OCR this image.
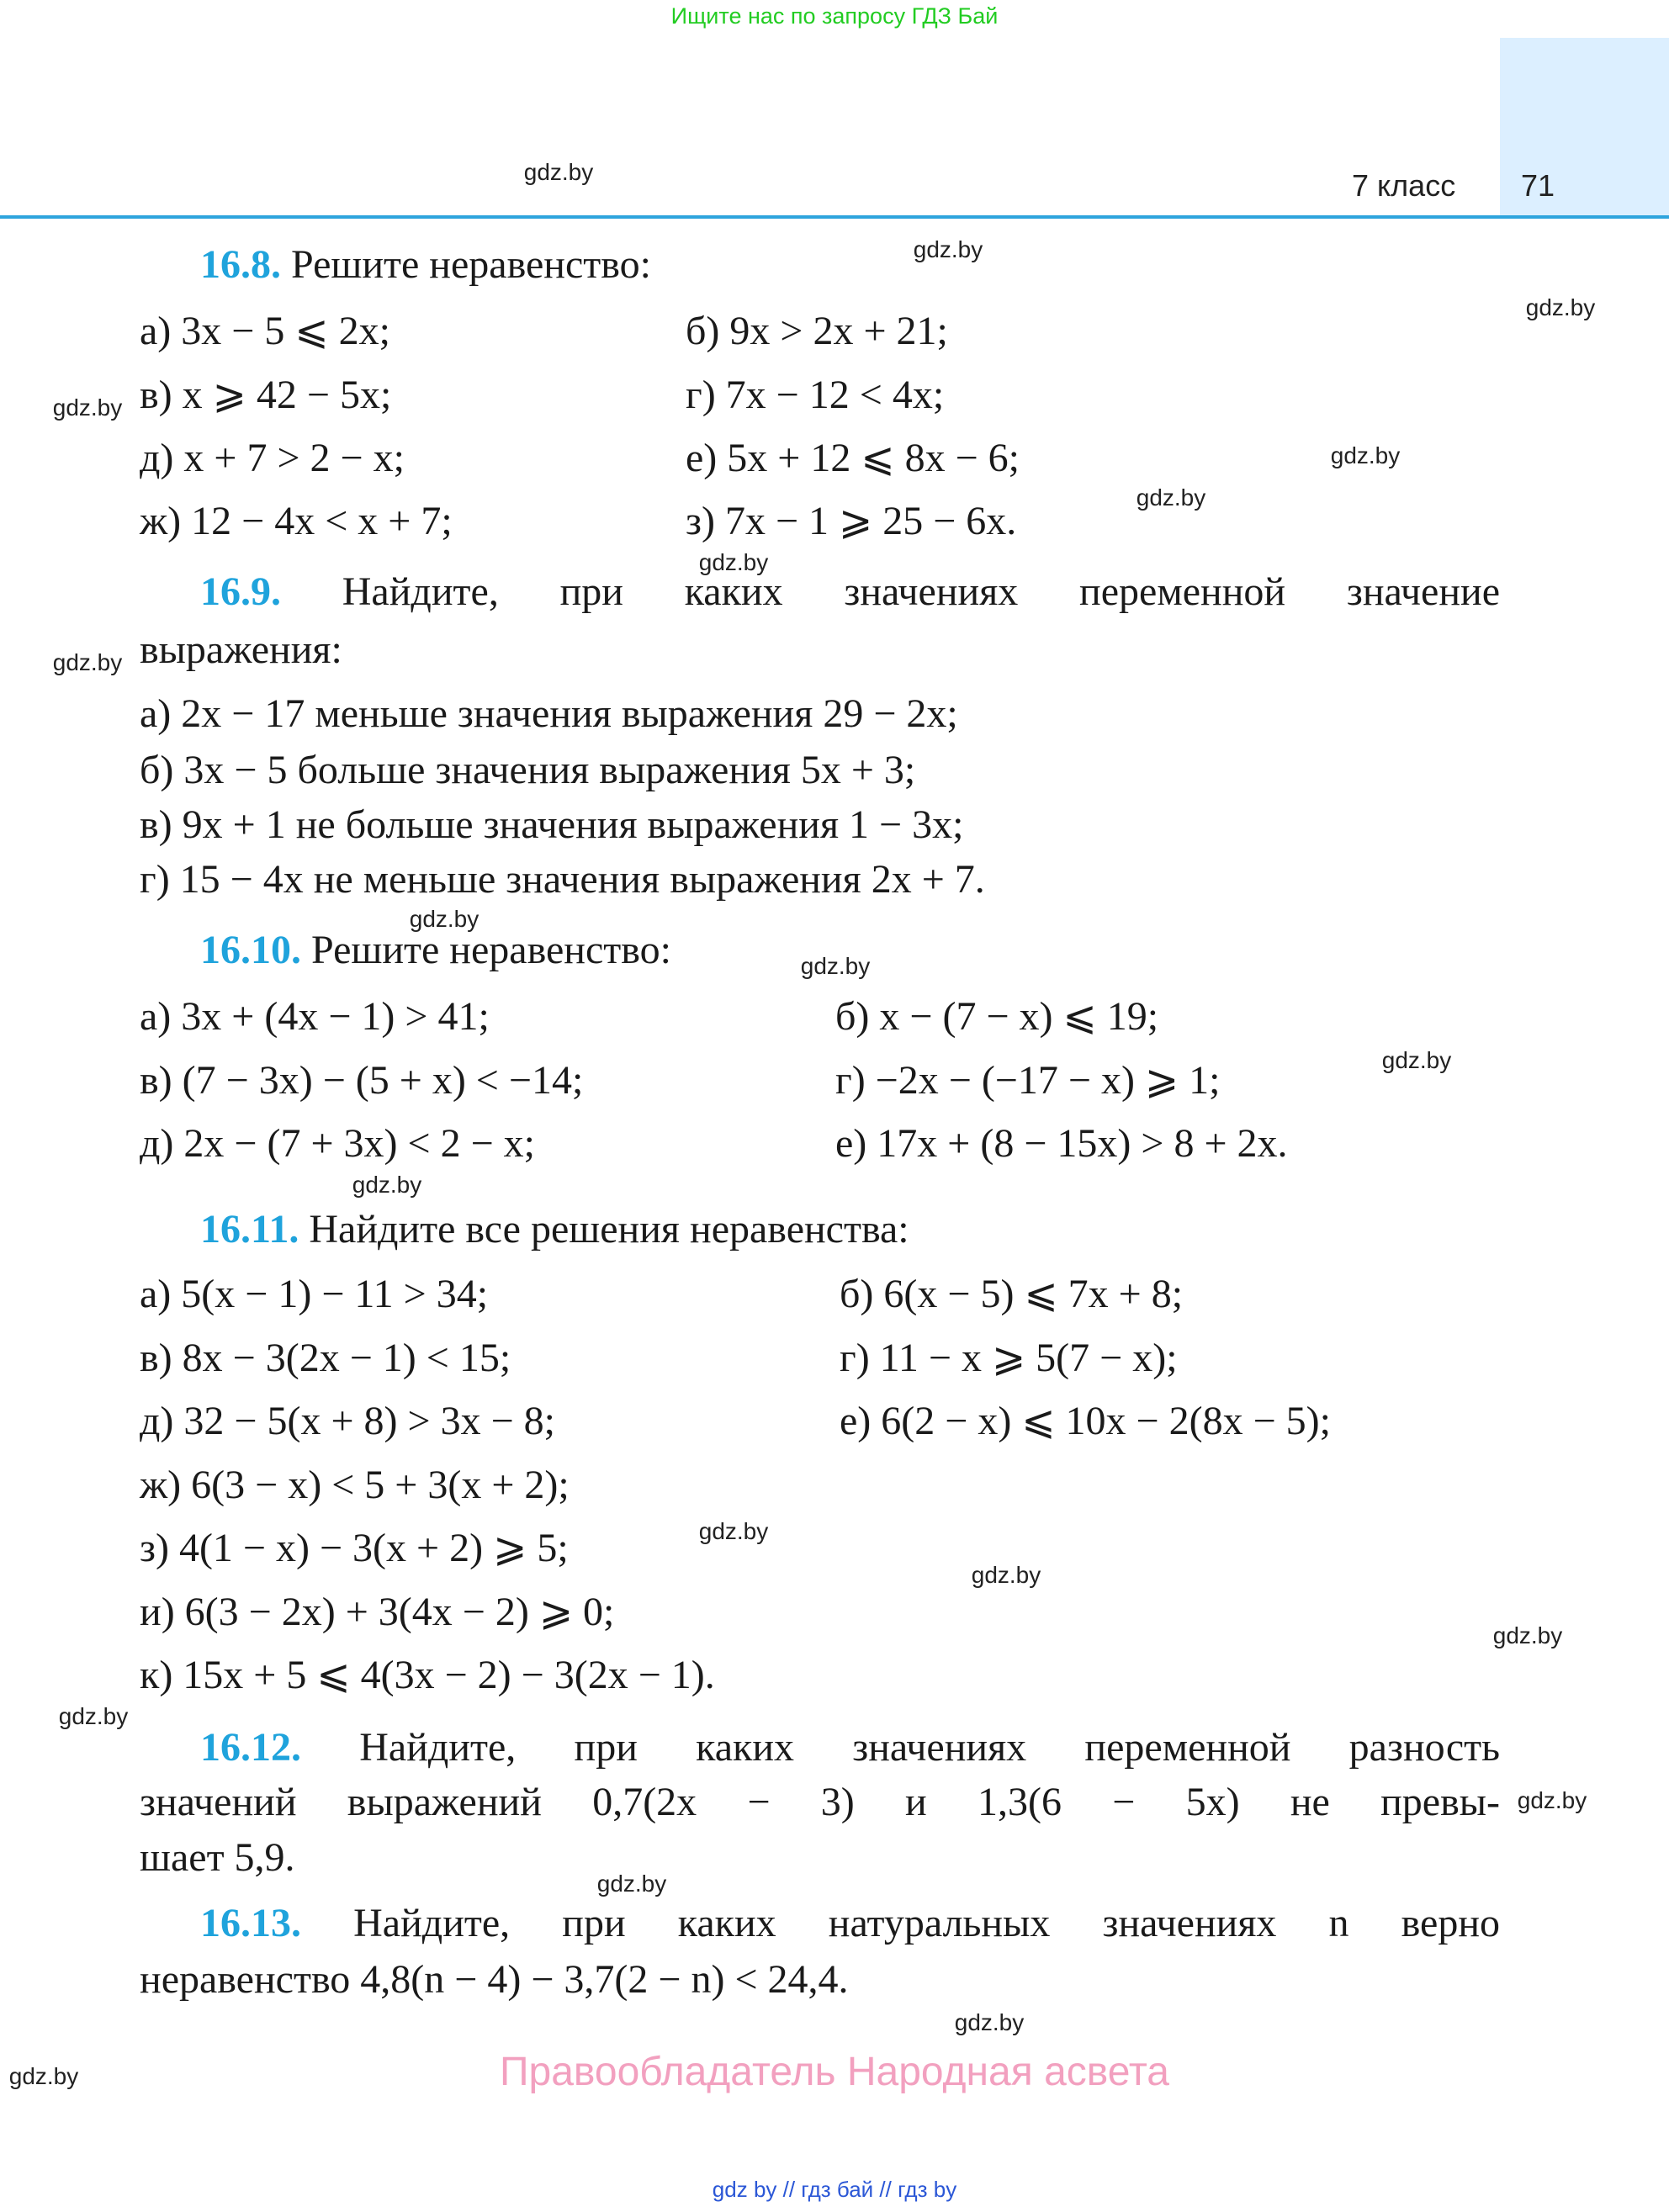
Ищите нас по запросу ГДЗ Бай
7 класс 71
16.8. Решите неравенство:
а) 3x − 5 ⩽ 2x;	б) 9x > 2x + 21;
в) x ⩾ 42 − 5x;	г) 7x − 12 < 4x;
д) x + 7 > 2 − x;	е) 5x + 12 ⩽ 8x − 6;
ж) 12 − 4x < x + 7;	з) 7x − 1 ⩾ 25 − 6x.
16.9. Найдите, при каких значениях переменной значение
выражения:
а) 2x − 17 меньше значения выражения 29 − 2x;
б) 3x − 5 больше значения выражения 5x + 3;
в) 9x + 1 не больше значения выражения 1 − 3x;
г) 15 − 4x не меньше значения выражения 2x + 7.
16.10. Решите неравенство:
а) 3x + (4x − 1) > 41;	б) x − (7 − x) ⩽ 19;
в) (7 − 3x) − (5 + x) < −14;	г) −2x − (−17 − x) ⩾ 1;
д) 2x − (7 + 3x) < 2 − x;	е) 17x + (8 − 15x) > 8 + 2x.
16.11. Найдите все решения неравенства:
а) 5(x − 1) − 11 > 34;	б) 6(x − 5) ⩽ 7x + 8;
в) 8x − 3(2x − 1) < 15;	г) 11 − x ⩾ 5(7 − x);
д) 32 − 5(x + 8) > 3x − 8;	е) 6(2 − x) ⩽ 10x − 2(8x − 5);
ж) 6(3 − x) < 5 + 3(x + 2);
з) 4(1 − x) − 3(x + 2) ⩾ 5;
и) 6(3 − 2x) + 3(4x − 2) ⩾ 0;
к) 15x + 5 ⩽ 4(3x − 2) − 3(2x − 1).
16.12. Найдите, при каких значениях переменной разность
значений выражений 0,7(2x − 3) и 1,3(6 − 5x) не превы-
шает 5,9.
16.13. Найдите, при каких натуральных значениях n верно
неравенство 4,8(n − 4) − 3,7(2 − n) < 24,4.
Правообладатель Народная асвета
gdz by // гдз бай // гдз by
gdz.by
gdz.by
gdz.by
gdz.by
gdz.by
gdz.by
gdz.by
gdz.by
gdz.by
gdz.by
gdz.by
gdz.by
gdz.by
gdz.by
gdz.by
gdz.by
gdz.by
gdz.by
gdz.by
gdz.by
